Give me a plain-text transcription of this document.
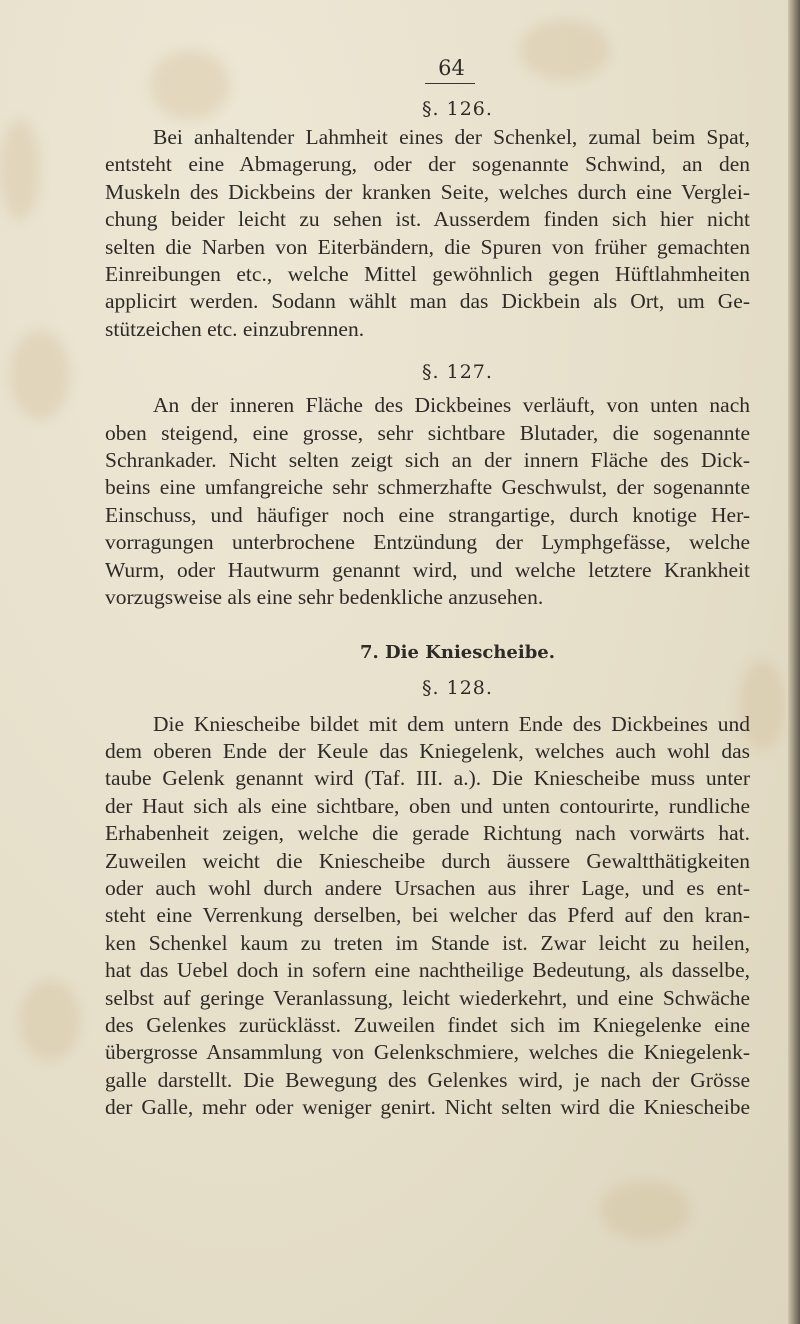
64
§. 126.
Bei anhaltender Lahmheit eines der Schenkel, zumal beim Spat,
entsteht eine Abmagerung, oder der sogenannte Schwind, an den
Muskeln des Dickbeins der kranken Seite, welches durch eine Verglei-
chung beider leicht zu sehen ist. Ausserdem finden sich hier nicht
selten die Narben von Eiterbändern, die Spuren von früher gemachten
Einreibungen etc., welche Mittel gewöhnlich gegen Hüftlahmheiten
applicirt werden. Sodann wählt man das Dickbein als Ort, um Ge-
stützeichen etc. einzubrennen.
§. 127.
An der inneren Fläche des Dickbeines verläuft, von unten nach
oben steigend, eine grosse, sehr sichtbare Blutader, die sogenannte
Schrankader. Nicht selten zeigt sich an der innern Fläche des Dick-
beins eine umfangreiche sehr schmerzhafte Geschwulst, der sogenannte
Einschuss, und häufiger noch eine strangartige, durch knotige Her-
vorragungen unterbrochene Entzündung der Lymphgefässe, welche
Wurm, oder Hautwurm genannt wird, und welche letztere Krankheit
vorzugsweise als eine sehr bedenkliche anzusehen.
7. Die Kniescheibe.
§. 128.
Die Kniescheibe bildet mit dem untern Ende des Dickbeines und
dem oberen Ende der Keule das Kniegelenk, welches auch wohl das
taube Gelenk genannt wird (Taf. III. a.). Die Kniescheibe muss unter
der Haut sich als eine sichtbare, oben und unten contourirte, rundliche
Erhabenheit zeigen, welche die gerade Richtung nach vorwärts hat.
Zuweilen weicht die Kniescheibe durch äussere Gewaltthätigkeiten
oder auch wohl durch andere Ursachen aus ihrer Lage, und es ent-
steht eine Verrenkung derselben, bei welcher das Pferd auf den kran-
ken Schenkel kaum zu treten im Stande ist. Zwar leicht zu heilen,
hat das Uebel doch in sofern eine nachtheilige Bedeutung, als dasselbe,
selbst auf geringe Veranlassung, leicht wiederkehrt, und eine Schwäche
des Gelenkes zurücklässt. Zuweilen findet sich im Kniegelenke eine
übergrosse Ansammlung von Gelenkschmiere, welches die Kniegelenk-
galle darstellt. Die Bewegung des Gelenkes wird, je nach der Grösse
der Galle, mehr oder weniger genirt. Nicht selten wird die Kniescheibe
